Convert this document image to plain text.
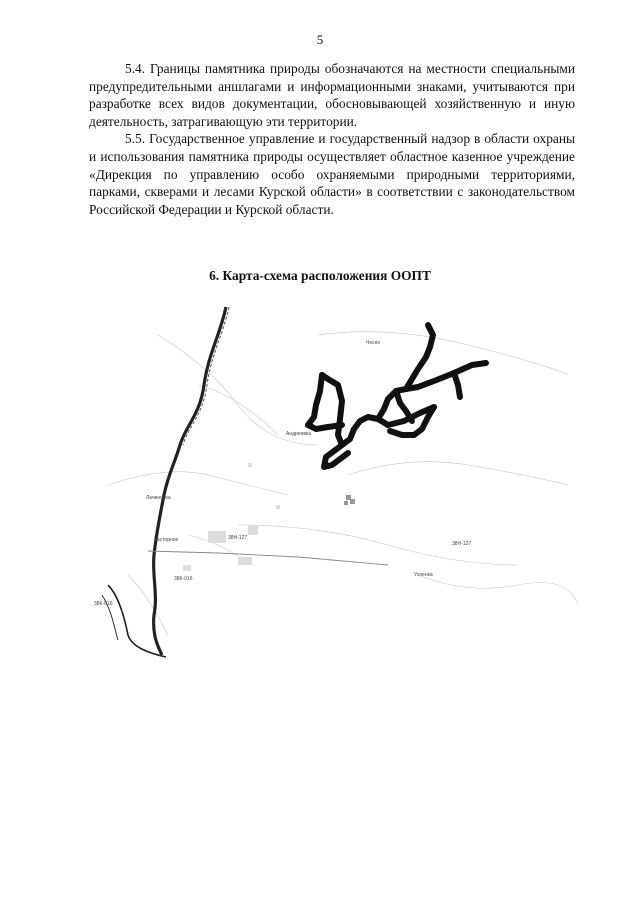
5

5.4. Границы памятника природы обозначаются на местности специальными предупредительными аншлагами и информационными знаками, учитываются при разработке всех видов документации, обосновывающей хозяйственную и иную деятельность, затрагивающую эти территории.

5.5. Государственное управление и государственный надзор в области охраны и использования памятника природы осуществляет областное казенное учреждение «Дирекция по управлению особо охраняемыми природными территориями, парками, скверами и лесами Курской области» в соответствии с законодательством Российской Федерации и Курской области.

6. Карта-схема расположения ООПТ
Чесно
Андреевка
Лачиновка
Касторное
Успенка
38Н-127
38Н-127
38К-016
38К-016
